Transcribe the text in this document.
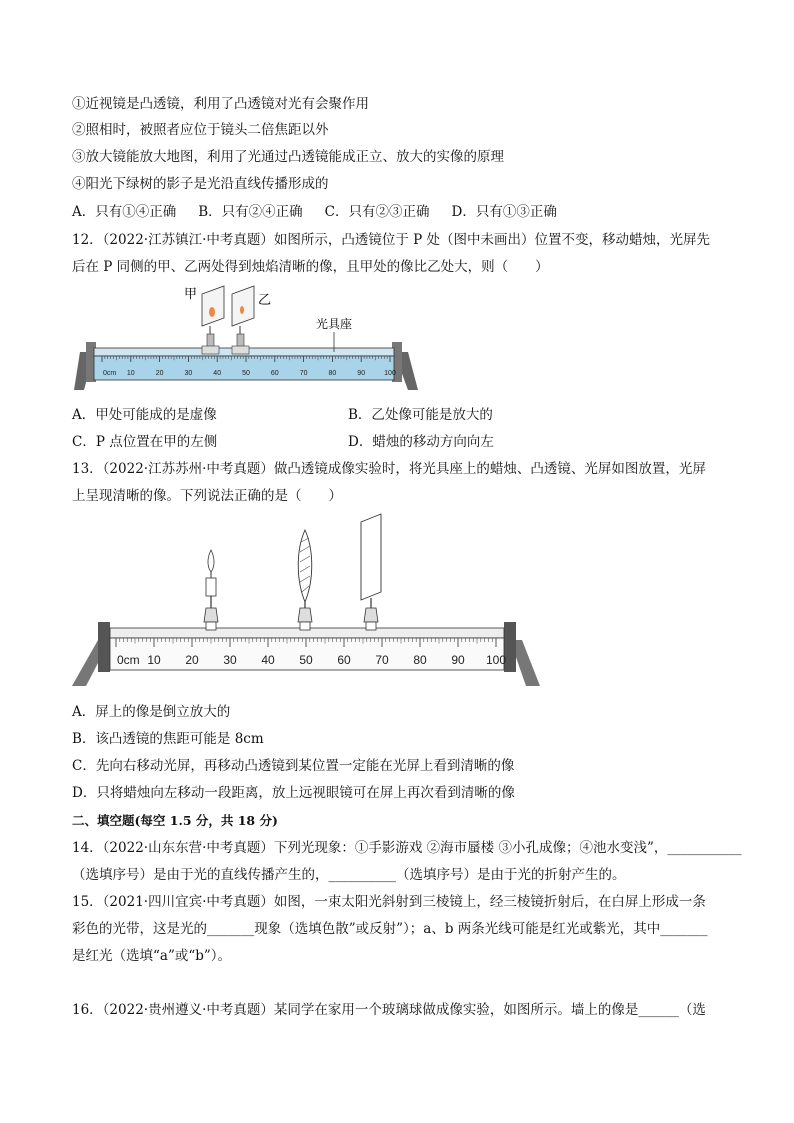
①近视镜是凸透镜，利用了凸透镜对光有会聚作用
②照相时，被照者应位于镜头二倍焦距以外
③放大镜能放大地图，利用了光通过凸透镜能成正立、放大的实像的原理
④阳光下绿树的影子是光沿直线传播形成的
A．只有①④正确 B．只有②④正确 C．只有②③正确 D．只有①③正确
12．（2022·江苏镇江·中考真题）如图所示，凸透镜位于 P 处（图中未画出）位置不变，移动蜡烛，光屏先
后在 P 同侧的甲、乙两处得到烛焰清晰的像，且甲处的像比乙处大，则（　　）
0cm 10	20	30	40	50	60	70	80	90	100
甲	乙
光具座
A．甲处可能成的是虚像	B．乙处像可能是放大的
C．P 点位置在甲的左侧	D．蜡烛的移动方向向左
13．（2022·江苏苏州·中考真题）做凸透镜成像实验时，将光具座上的蜡烛、凸透镜、光屏如图放置，光屏
上呈现清晰的像。下列说法正确的是（　　）
0cm 10 20 30 40 50 60 70 80 90 100
A．屏上的像是倒立放大的
B．该凸透镜的焦距可能是 8cm
C．先向右移动光屏，再移动凸透镜到某位置一定能在光屏上看到清晰的像
D．只将蜡烛向左移动一段距离，放上远视眼镜可在屏上再次看到清晰的像
二、填空题(每空 1.5 分，共 18 分)
14．（2022·山东东营·中考真题）下列光现象：①手影游戏 ②海市蜃楼 ③小孔成像；④池水变浅”，___________
（选填序号）是由于光的直线传播产生的，__________（选填序号）是由于光的折射产生的。
15．（2021·四川宜宾·中考真题）如图，一束太阳光斜射到三棱镜上，经三棱镜折射后，在白屏上形成一条
彩色的光带，这是光的_______现象（选填色散”或反射”）；a、b 两条光线可能是红光或紫光，其中_______
是红光（选填“a”或“b”）。
16．（2022·贵州遵义·中考真题）某同学在家用一个玻璃球做成像实验，如图所示。墙上的像是______（选
